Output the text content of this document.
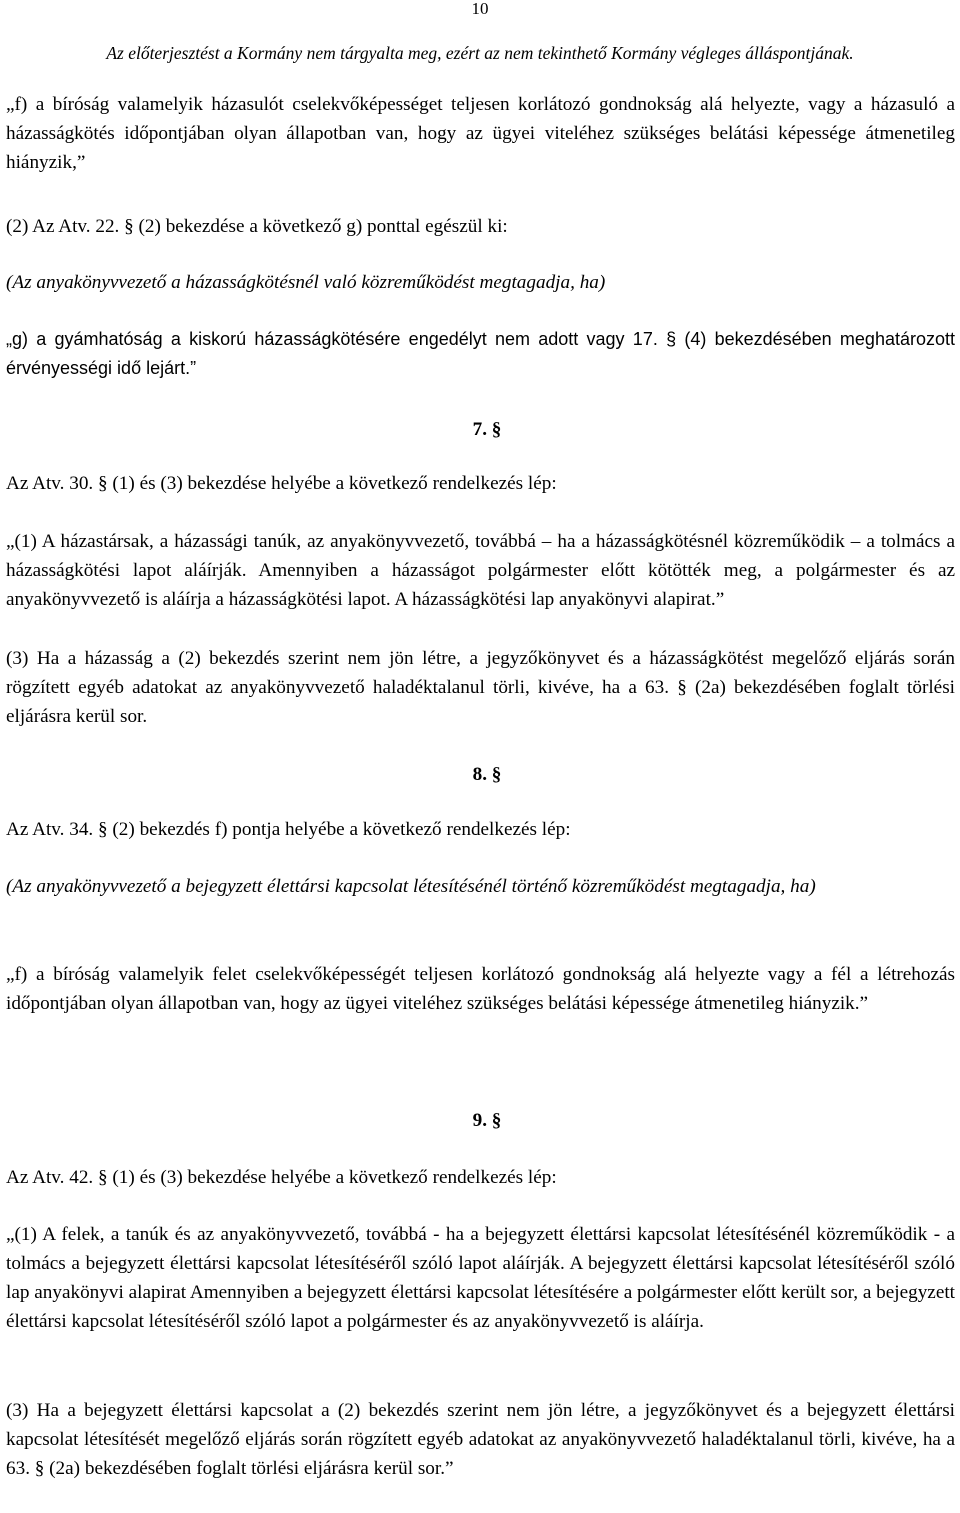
10
Az előterjesztést a Kormány nem tárgyalta meg, ezért az nem tekinthető Kormány végleges álláspontjának.
„f) a bíróság valamelyik házasulót cselekvőképességet teljesen korlátozó gondnokság alá helyezte, vagy a házasuló a házasságkötés időpontjában olyan állapotban van, hogy az ügyei viteléhez szükséges belátási képessége átmenetileg hiányzik,”
(2) Az Atv. 22. § (2) bekezdése a következő g) ponttal egészül ki:
(Az anyakönyvvezető a házasságkötésnél való közreműködést megtagadja, ha)
„g) a gyámhatóság a kiskorú házasságkötésére engedélyt nem adott vagy 17. § (4) bekezdésében meghatározott érvényességi idő lejárt.”
7. §
Az Atv. 30. § (1) és (3) bekezdése helyébe a következő rendelkezés lép:
„(1) A házastársak, a házassági tanúk, az anyakönyvvezető, továbbá – ha a házasságkötésnél közreműködik – a tolmács a házasságkötési lapot aláírják. Amennyiben a házasságot polgármester előtt kötötték meg, a polgármester és az anyakönyvvezető is aláírja a házasságkötési lapot. A házasságkötési lap anyakönyvi alapirat.”
(3) Ha a házasság a (2) bekezdés szerint nem jön létre, a jegyzőkönyvet és a házasságkötést megelőző eljárás során rögzített egyéb adatokat az anyakönyvvezető haladéktalanul törli, kivéve, ha a 63. § (2a) bekezdésében foglalt törlési eljárásra kerül sor.
8. §
Az Atv. 34. § (2) bekezdés f) pontja helyébe a következő rendelkezés lép:
(Az anyakönyvvezető a bejegyzett élettársi kapcsolat létesítésénél történő közreműködést megtagadja, ha)
„f) a bíróság valamelyik felet cselekvőképességét teljesen korlátozó gondnokság alá helyezte vagy a fél a létrehozás időpontjában olyan állapotban van, hogy az ügyei viteléhez szükséges belátási képessége átmenetileg hiányzik.”
9. §
Az Atv. 42. § (1) és (3) bekezdése helyébe a következő rendelkezés lép:
„(1) A felek, a tanúk és az anyakönyvvezető, továbbá - ha a bejegyzett élettársi kapcsolat létesítésénél közreműködik - a tolmács a bejegyzett élettársi kapcsolat létesítéséről szóló lapot aláírják. A bejegyzett élettársi kapcsolat létesítéséről szóló lap anyakönyvi alapirat Amennyiben a bejegyzett élettársi kapcsolat létesítésére a polgármester előtt került sor, a bejegyzett élettársi kapcsolat létesítéséről szóló lapot a polgármester és az anyakönyvvezető is aláírja.
(3) Ha a bejegyzett élettársi kapcsolat a (2) bekezdés szerint nem jön létre, a jegyzőkönyvet és a bejegyzett élettársi kapcsolat létesítését megelőző eljárás során rögzített egyéb adatokat az anyakönyvvezető haladéktalanul törli, kivéve, ha a 63. § (2a) bekezdésében foglalt törlési eljárásra kerül sor.”
